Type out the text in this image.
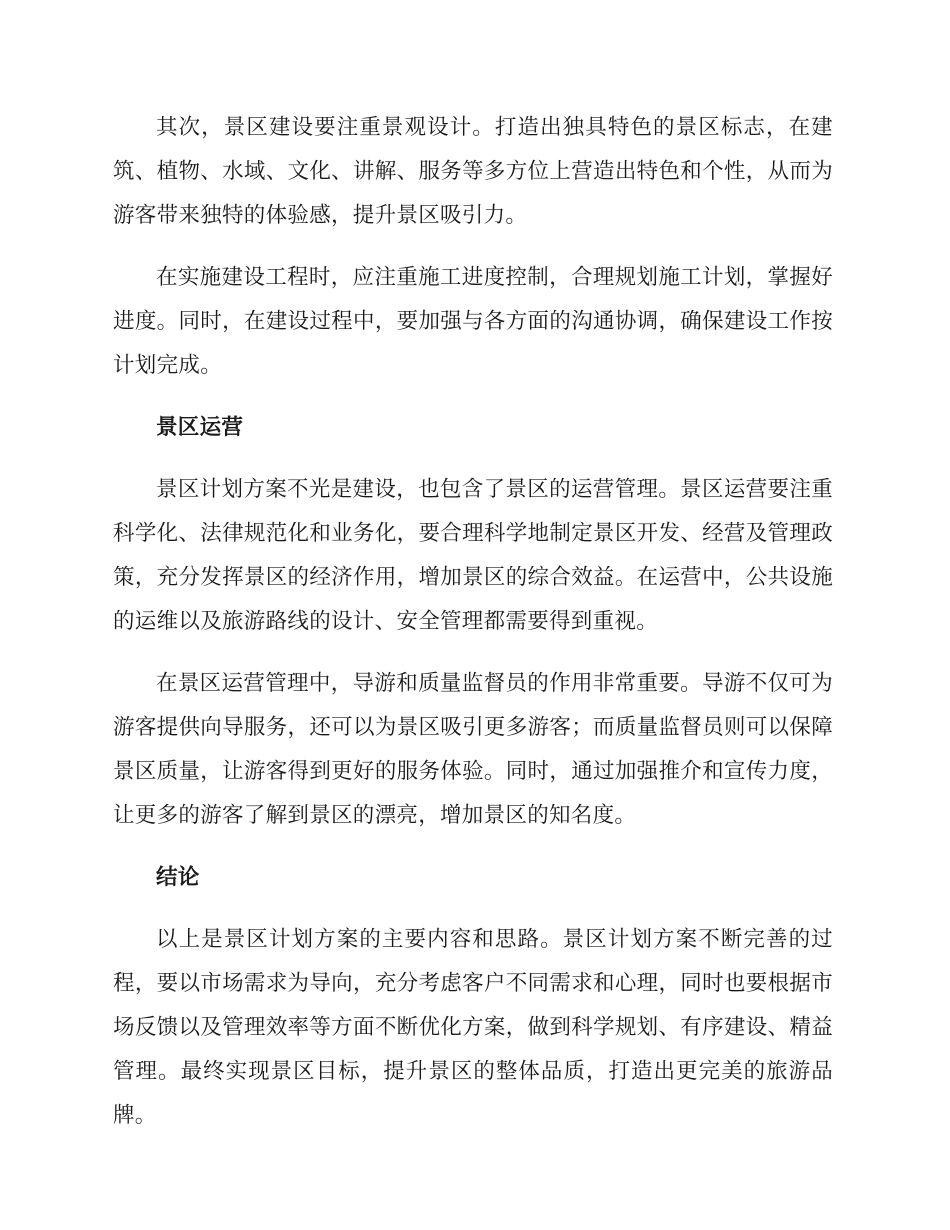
其次，景区建设要注重景观设计。打造出独具特色的景区标志，在建筑、植物、水域、文化、讲解、服务等多方位上营造出特色和个性，从而为游客带来独特的体验感，提升景区吸引力。

在实施建设工程时，应注重施工进度控制，合理规划施工计划，掌握好进度。同时，在建设过程中，要加强与各方面的沟通协调，确保建设工作按计划完成。

景区运营

景区计划方案不光是建设，也包含了景区的运营管理。景区运营要注重科学化、法律规范化和业务化，要合理科学地制定景区开发、经营及管理政策，充分发挥景区的经济作用，增加景区的综合效益。在运营中，公共设施的运维以及旅游路线的设计、安全管理都需要得到重视。

在景区运营管理中，导游和质量监督员的作用非常重要。导游不仅可为游客提供向导服务，还可以为景区吸引更多游客；而质量监督员则可以保障景区质量，让游客得到更好的服务体验。同时，通过加强推介和宣传力度，让更多的游客了解到景区的漂亮，增加景区的知名度。

结论

以上是景区计划方案的主要内容和思路。景区计划方案不断完善的过程，要以市场需求为导向，充分考虑客户不同需求和心理，同时也要根据市场反馈以及管理效率等方面不断优化方案，做到科学规划、有序建设、精益管理。最终实现景区目标，提升景区的整体品质，打造出更完美的旅游品牌。
